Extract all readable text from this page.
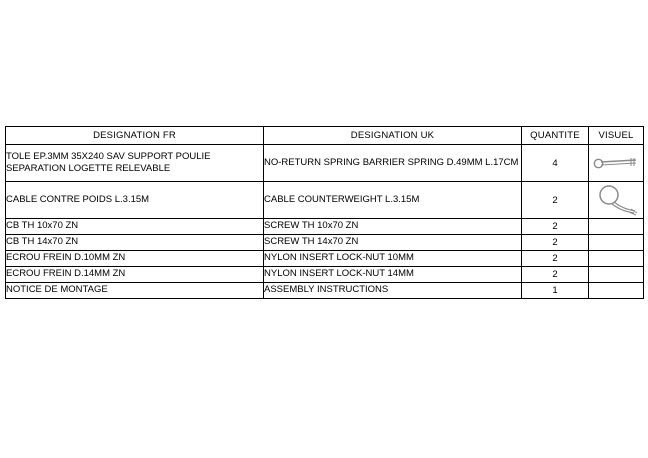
DESIGNATION FR	DESIGNATION UK	QUANTITE	VISUEL

TOLE EP.3MM 35X240 SAV SUPPORT POULIE
SEPARATION LOGETTE RELEVABLE	NO-RETURN SPRING BARRIER SPRING D.49MM L.17CM	4	

CABLE CONTRE POIDS L.3.15M	CABLE COUNTERWEIGHT L.3.15M	2	

CB TH 10x70 ZN	SCREW TH 10x70 ZN	2	
CB TH 14x70 ZN	SCREW TH 14x70 ZN	2	
ECROU FREIN D.10MM ZN	NYLON INSERT LOCK-NUT 10MM	2	
ECROU FREIN D.14MM ZN	NYLON INSERT LOCK-NUT 14MM	2	
NOTICE DE MONTAGE	ASSEMBLY INSTRUCTIONS	1	
